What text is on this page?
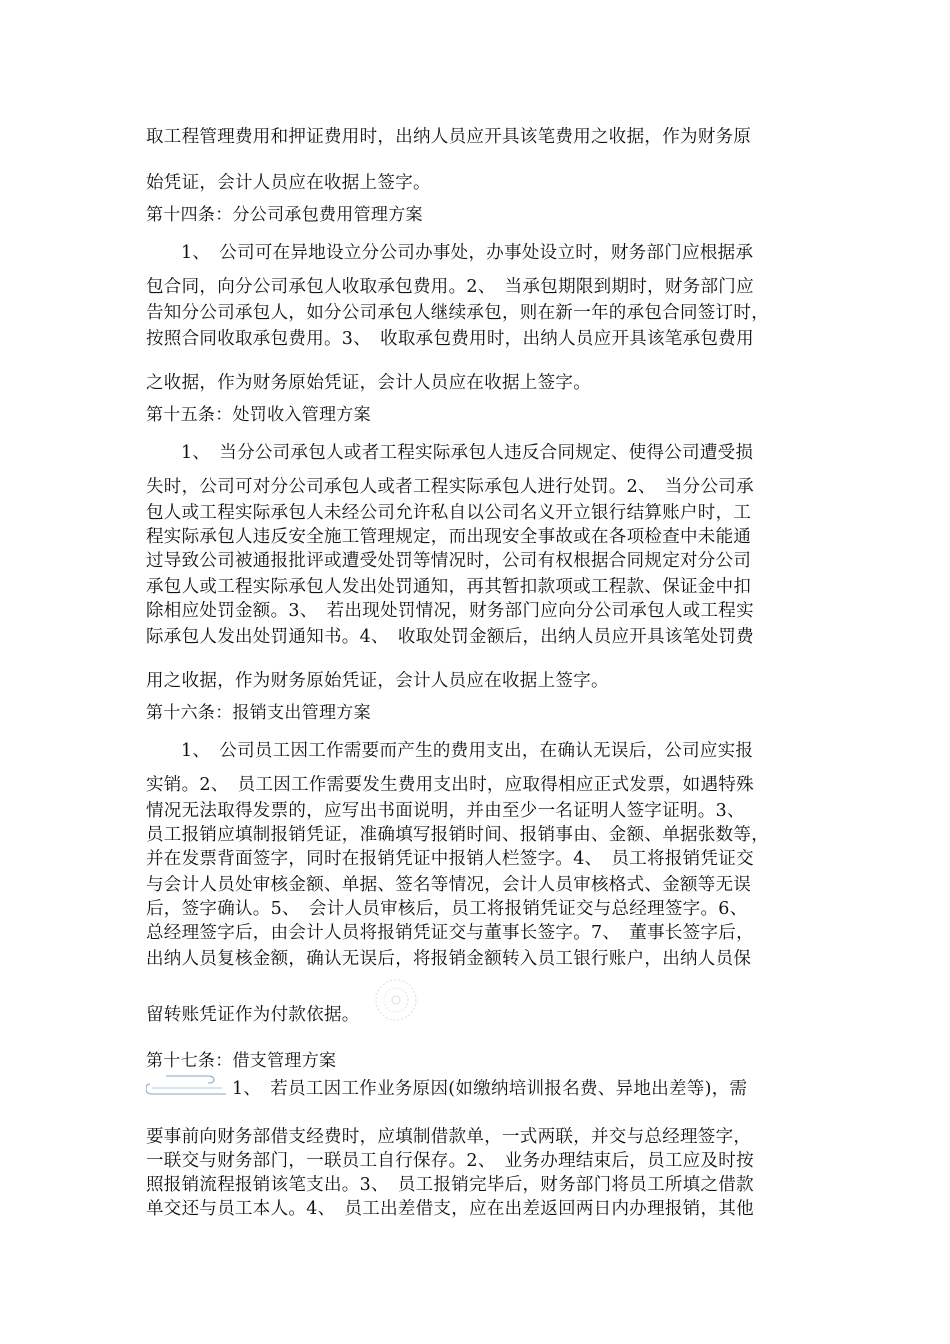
取工程管理费用和押证费用时，出纳人员应开具该笔费用之收据，作为财务原
始凭证，会计人员应在收据上签字。
第十四条：分公司承包费用管理方案
1、　公司可在异地设立分公司办事处，办事处设立时，财务部门应根据承
包合同，向分公司承包人收取承包费用。2、　当承包期限到期时，财务部门应
告知分公司承包人，如分公司承包人继续承包，则在新一年的承包合同签订时，
按照合同收取承包费用。3、　收取承包费用时，出纳人员应开具该笔承包费用
之收据，作为财务原始凭证，会计人员应在收据上签字。
第十五条：处罚收入管理方案
1、　当分公司承包人或者工程实际承包人违反合同规定、使得公司遭受损
失时，公司可对分公司承包人或者工程实际承包人进行处罚。2、　当分公司承
包人或工程实际承包人未经公司允许私自以公司名义开立银行结算账户时，工
程实际承包人违反安全施工管理规定，而出现安全事故或在各项检查中未能通
过导致公司被通报批评或遭受处罚等情况时，公司有权根据合同规定对分公司
承包人或工程实际承包人发出处罚通知，再其暂扣款项或工程款、保证金中扣
除相应处罚金额。3、　若出现处罚情况，财务部门应向分公司承包人或工程实
际承包人发出处罚通知书。4、　收取处罚金额后，出纳人员应开具该笔处罚费
用之收据，作为财务原始凭证，会计人员应在收据上签字。
第十六条：报销支出管理方案
1、　公司员工因工作需要而产生的费用支出，在确认无误后，公司应实报
实销。2、　员工因工作需要发生费用支出时，应取得相应正式发票，如遇特殊
情况无法取得发票的，应写出书面说明，并由至少一名证明人签字证明。3、
员工报销应填制报销凭证，准确填写报销时间、报销事由、金额、单据张数等，
并在发票背面签字，同时在报销凭证中报销人栏签字。4、　员工将报销凭证交
与会计人员处审核金额、单据、签名等情况，会计人员审核格式、金额等无误
后，签字确认。5、　会计人员审核后，员工将报销凭证交与总经理签字。6、
总经理签字后，由会计人员将报销凭证交与董事长签字。7、　董事长签字后，
出纳人员复核金额，确认无误后，将报销金额转入员工银行账户，出纳人员保
留转账凭证作为付款依据。
第十七条：借支管理方案
1、　若员工因工作业务原因(如缴纳培训报名费、异地出差等)，需
要事前向财务部借支经费时，应填制借款单，一式两联，并交与总经理签字，
一联交与财务部门，一联员工自行保存。2、　业务办理结束后，员工应及时按
照报销流程报销该笔支出。3、　员工报销完毕后，财务部门将员工所填之借款
单交还与员工本人。4、　员工出差借支，应在出差返回两日内办理报销，其他
